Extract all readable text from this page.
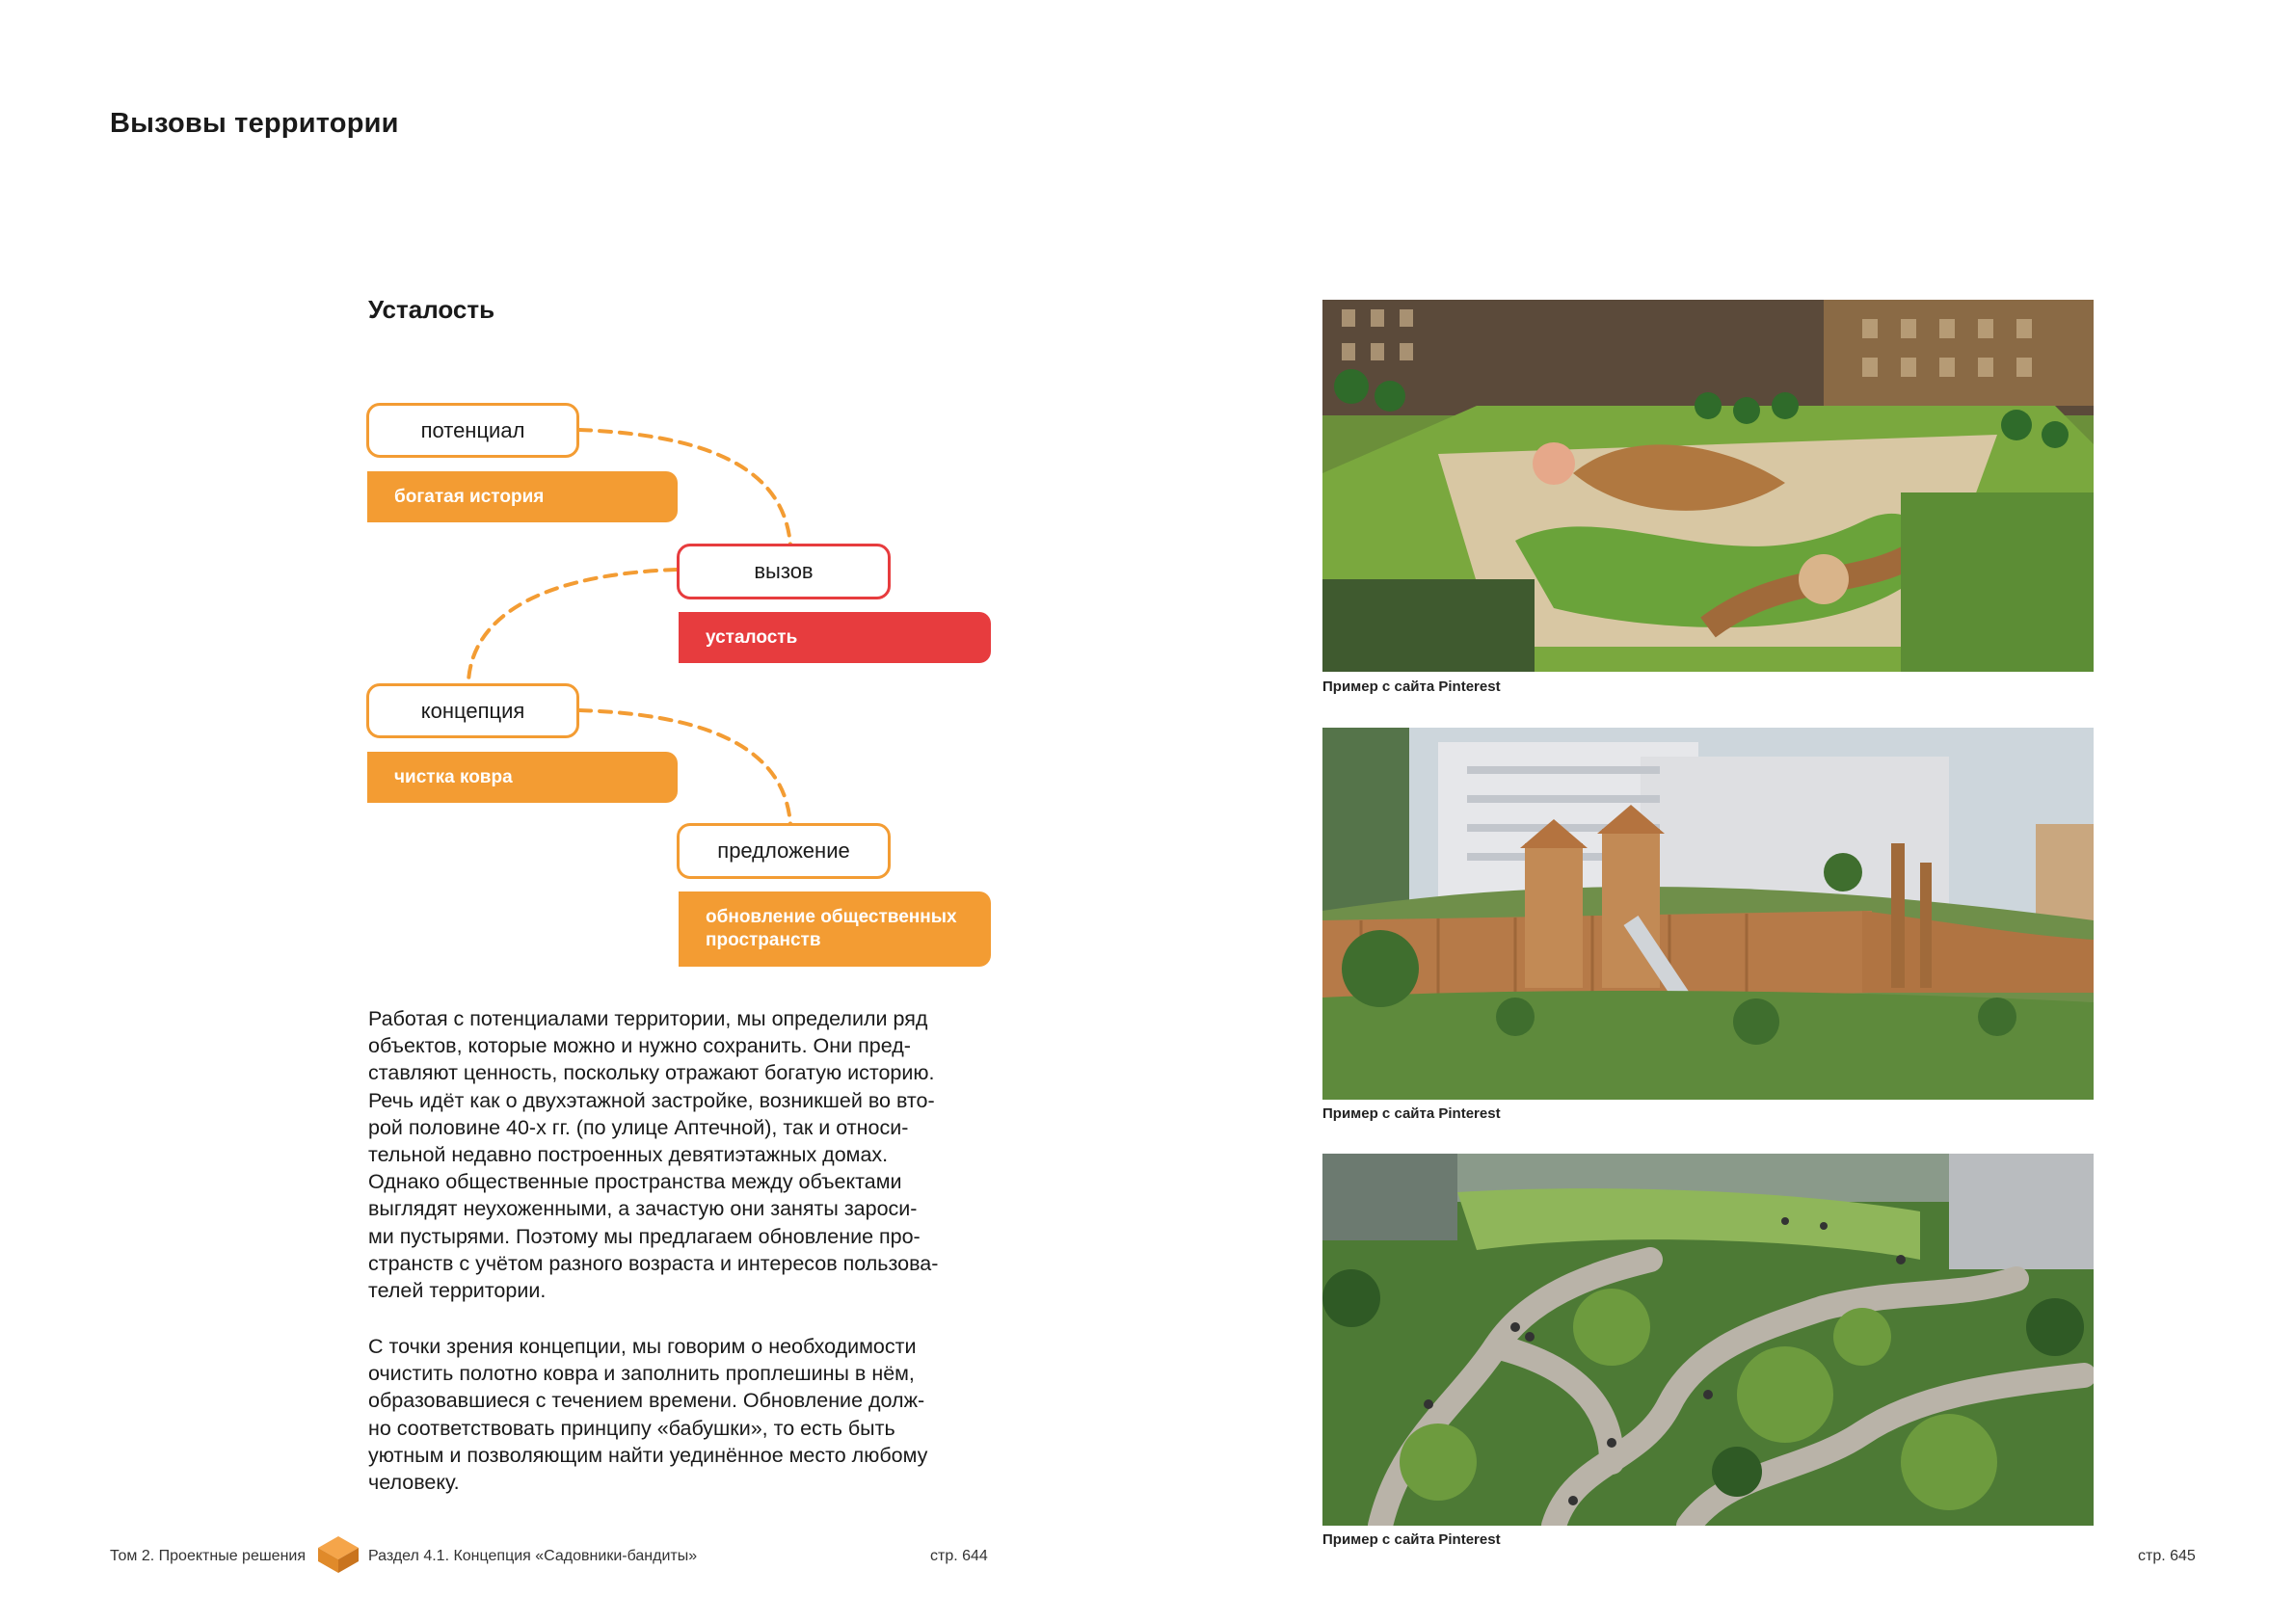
Вызовы территории
Усталость
потенциал
богатая история
вызов
усталость
концепция
чистка ковра
предложение
обновление общественных
пространств

Работая с потенциалами территории, мы определили ряд
объектов, которые можно и нужно сохранить. Они пред-
ставляют ценность, поскольку отражают богатую историю.
Речь идёт как о двухэтажной застройке, возникшей во вто-
рой половине 40-х гг. (по улице Аптечной), так и относи-
тельной недавно построенных девятиэтажных домах.
Однако общественные пространства между объектами
выглядят неухоженными, а зачастую они заняты зароси-
ми пустырями. Поэтому мы предлагаем обновление про-
странств с учётом разного возраста и интересов пользова-
телей территории.

С точки зрения концепции, мы говорим о необходимости
очистить полотно ковра и заполнить проплешины в нём,
образовавшиеся с течением времени. Обновление долж-
но соответствовать принципу «бабушки», то есть быть
уютным и позволяющим найти уединённое место любому
человеку.

Пример с сайта Pinterest
Пример с сайта Pinterest
Пример с сайта Pinterest
Том 2. Проектные решения	Раздел 4.1. Концепция «Садовники-бандиты»	стр. 644	стр. 645
